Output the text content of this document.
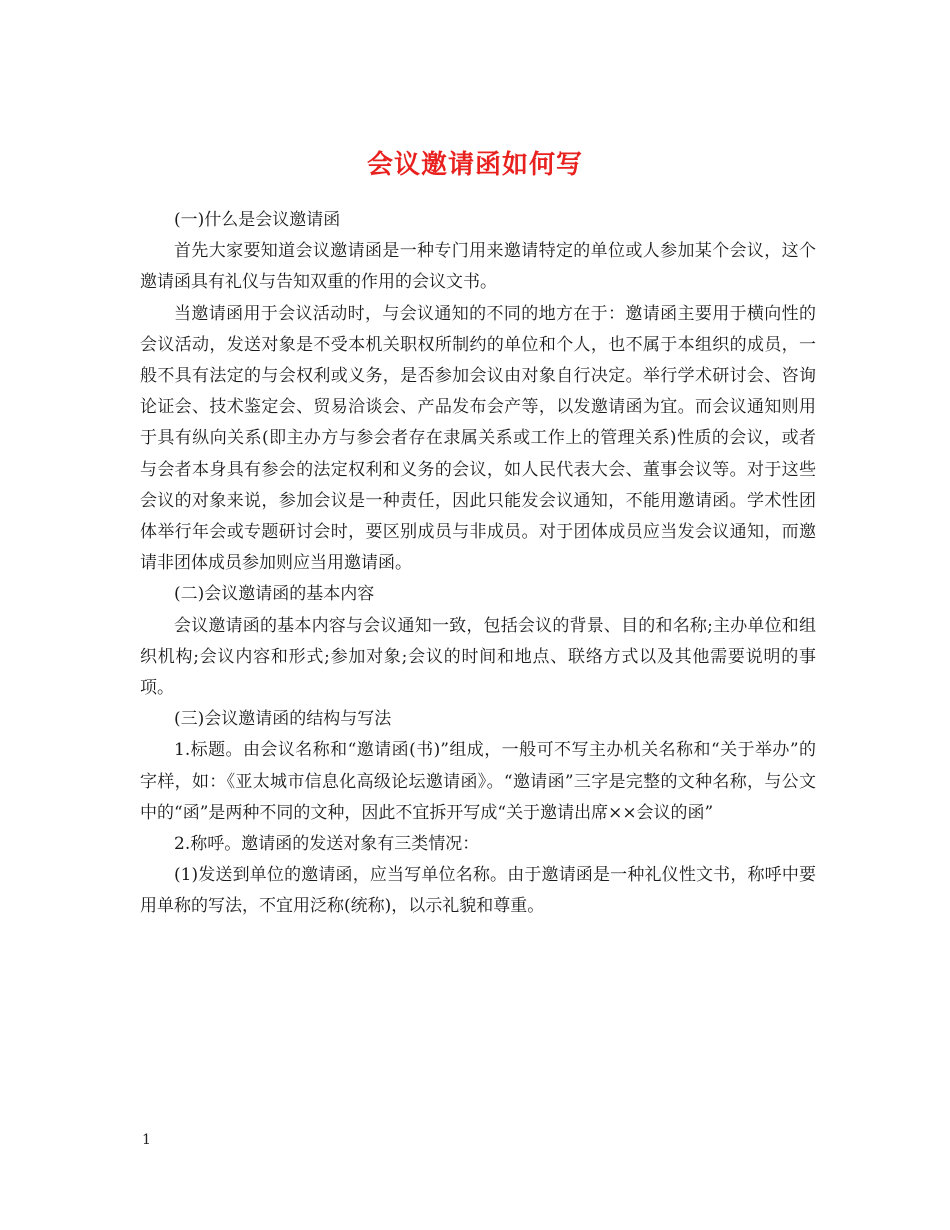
会议邀请函如何写

(一)什么是会议邀请函

首先大家要知道会议邀请函是一种专门用来邀请特定的单位或人参加某个会议，这个邀请函具有礼仪与告知双重的作用的会议文书。

当邀请函用于会议活动时，与会议通知的不同的地方在于：邀请函主要用于横向性的会议活动，发送对象是不受本机关职权所制约的单位和个人，也不属于本组织的成员，一般不具有法定的与会权利或义务，是否参加会议由对象自行决定。举行学术研讨会、咨询论证会、技术鉴定会、贸易洽谈会、产品发布会产等，以发邀请函为宜。而会议通知则用于具有纵向关系(即主办方与参会者存在隶属关系或工作上的管理关系)性质的会议，或者与会者本身具有参会的法定权利和义务的会议，如人民代表大会、董事会议等。对于这些会议的对象来说，参加会议是一种责任，因此只能发会议通知，不能用邀请函。学术性团体举行年会或专题研讨会时，要区别成员与非成员。对于团体成员应当发会议通知，而邀请非团体成员参加则应当用邀请函。

(二)会议邀请函的基本内容

会议邀请函的基本内容与会议通知一致，包括会议的背景、目的和名称;主办单位和组织机构;会议内容和形式;参加对象;会议的时间和地点、联络方式以及其他需要说明的事项。

(三)会议邀请函的结构与写法

1.标题。由会议名称和“邀请函(书)”组成，一般可不写主办机关名称和“关于举办”的字样，如：《亚太城市信息化高级论坛邀请函》。“邀请函”三字是完整的文种名称，与公文中的“函”是两种不同的文种，因此不宜拆开写成“关于邀请出席××会议的函”

2.称呼。邀请函的发送对象有三类情况：

(1)发送到单位的邀请函，应当写单位名称。由于邀请函是一种礼仪性文书，称呼中要用单称的写法，不宜用泛称(统称)，以示礼貌和尊重。

1
